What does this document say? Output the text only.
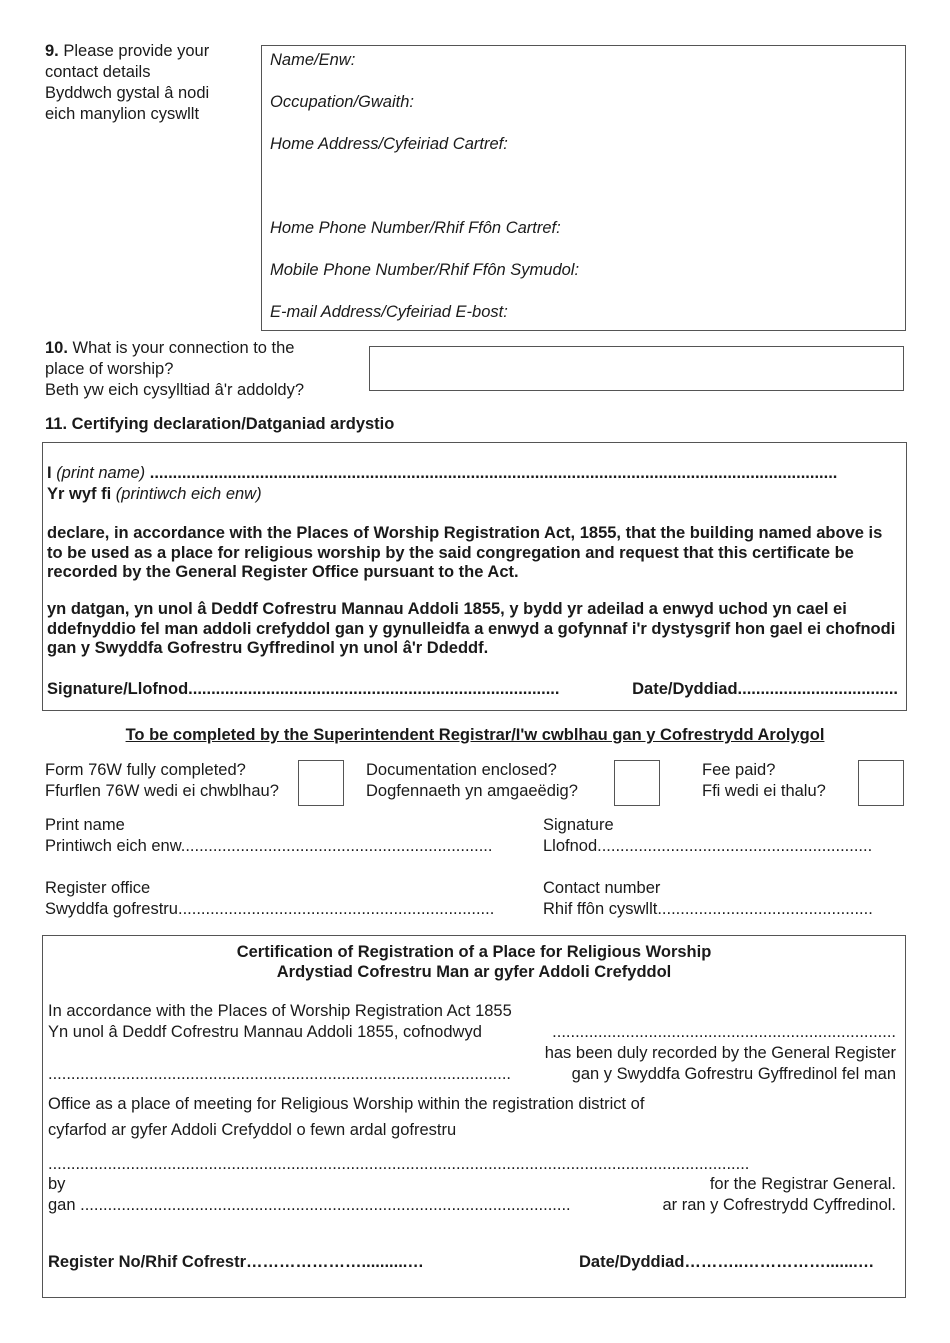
9. Please provide your
contact details
Byddwch gystal â nodi
eich manylion cyswllt
Name/Enw:
Occupation/Gwaith:
Home Address/Cyfeiriad Cartref:
Home Phone Number/Rhif Ffôn Cartref:
Mobile Phone Number/Rhif Ffôn Symudol:
E-mail Address/Cyfeiriad E-bost:
10. What is your connection to the
place of worship?
Beth yw eich cysylltiad â'r addoldy?
11. Certifying declaration/Datganiad ardystio
I (print name) ......................................................................................................................................................
Yr wyf fi (printiwch eich enw)
declare, in accordance with the Places of Worship Registration Act, 1855, that the building named above is to be used as a place for religious worship by the said congregation and request that this certificate be recorded by the General Register Office pursuant to the Act.
yn datgan, yn unol â Deddf Cofrestru Mannau Addoli 1855, y bydd yr adeilad a enwyd uchod yn cael ei ddefnyddio fel man addoli crefyddol gan y gynulleidfa a enwyd a gofynnaf i'r dystysgrif hon gael ei chofnodi gan y Swyddfa Gofrestru Gyffredinol yn unol â'r Ddeddf.
Signature/Llofnod.................................................................................	Date/Dyddiad...................................
To be completed by the Superintendent Registrar/I'w cwblhau gan y Cofrestrydd Arolygol
Form 76W fully completed?
Ffurflen 76W wedi ei chwblhau?
Documentation enclosed?
Dogfennaeth yn amgaeëdig?
Fee paid?
Ffi wedi ei thalu?
Print name
Printiwch eich enw....................................................................
Signature
Llofnod............................................................
Register office
Swyddfa gofrestru.....................................................................
Contact number
Rhif ffôn cyswllt...............................................
Certification of Registration of a Place for Religious Worship
Ardystiad Cofrestru Man ar gyfer Addoli Crefyddol
In accordance with the Places of Worship Registration Act 1855
Yn unol â Deddf Cofrestru Mannau Addoli 1855, cofnodwyd	...........................................................................
has been duly recorded by the General Register
.....................................................................................................	gan y Swyddfa Gofrestru Gyffredinol fel man
Office as a place of meeting for Religious Worship within the registration district of
cyfarfod ar gyfer Addoli Crefyddol o fewn ardal gofrestru
.........................................................................................................................................................
by	for the Registrar General.
gan ...........................................................................................................	ar ran y Cofrestrydd Cyffredinol.
Register No/Rhif Cofrestr…………………..........…	Date/Dyddiad………..…………….......…
